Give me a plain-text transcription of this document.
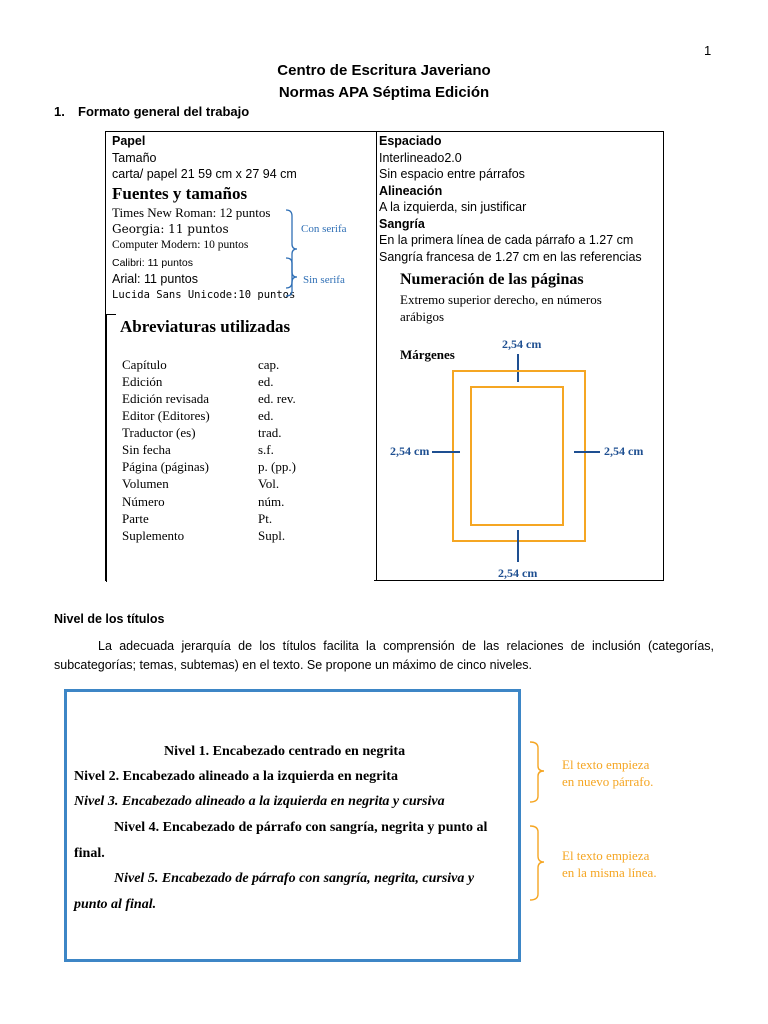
1
Centro de Escritura Javeriano
Normas APA Séptima Edición
1. Formato general del trabajo
Papel
Tamaño
carta/ papel 21 59 cm x 27 94 cm
Fuentes y tamaños
Times New Roman: 12 puntos
Georgia: 11 puntos
Computer Modern: 10 puntos
Calibri: 11 puntos
Arial: 11 puntos
Lucida Sans Unicode:10 puntos
Con serifa
Sin serifa
Abreviaturas utilizadas
Capítulo	cap.
Edición	ed.
Edición revisada	ed. rev.
Editor (Editores)	ed.
Traductor (es)	trad.
Sin fecha	s.f.
Página (páginas)	p. (pp.)
Volumen	Vol.
Número	núm.
Parte	Pt.
Suplemento	Supl.
Espaciado
Interlineado2.0
Sin espacio entre párrafos
Alineación
A la izquierda, sin justificar
Sangría
En la primera línea de cada párrafo a 1.27 cm
Sangría francesa de 1.27 cm en las referencias
Numeración de las páginas
Extremo superior derecho, en números
arábigos
Márgenes
2,54 cm
2,54 cm	2,54 cm
2,54 cm
Nivel de los títulos
La adecuada jerarquía de los títulos facilita la comprensión de las relaciones de inclusión (categorías, subcategorías; temas, subtemas) en el texto. Se propone un máximo de cinco niveles.
Nivel 1. Encabezado centrado en negrita
Nivel 2. Encabezado alineado a la izquierda en negrita
Nivel 3. Encabezado alineado a la izquierda en negrita y cursiva
Nivel 4. Encabezado de párrafo con sangría, negrita y punto al
final.
Nivel 5. Encabezado de párrafo con sangría, negrita, cursiva y
punto al final.
El texto empieza
en nuevo párrafo.
El texto empieza
en la misma línea.
